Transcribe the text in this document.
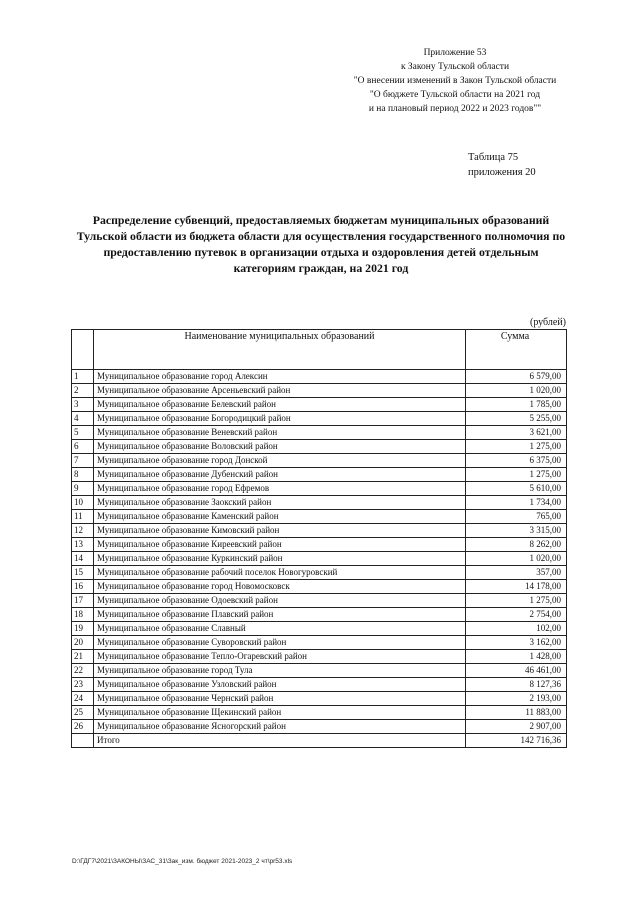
Приложение 53
к Закону Тульской области
"О внесении изменений в Закон Тульской области
"О бюджете Тульской области на 2021 год
и на плановый период 2022 и 2023 годов""
Таблица 75
приложения 20
Распределение субвенций, предоставляемых бюджетам муниципальных образований Тульской области из бюджета области для осуществления государственного полномочия по предоставлению путевок в организации отдыха и оздоровления детей отдельным категориям граждан, на 2021 год
(рублей)
	Наименование муниципальных образований	Сумма
1	Муниципальное образование город Алексин	6 579,00
2	Муниципальное образование Арсеньевский район	1 020,00
3	Муниципальное образование Белевский район	1 785,00
4	Муниципальное образование Богородицкий район	5 255,00
5	Муниципальное образование Веневский район	3 621,00
6	Муниципальное образование Воловский район	1 275,00
7	Муниципальное образование город Донской	6 375,00
8	Муниципальное образование Дубенский район	1 275,00
9	Муниципальное образование город Ефремов	5 610,00
10	Муниципальное образование Заокский район	1 734,00
11	Муниципальное образование Каменский район	765,00
12	Муниципальное образование Кимовский район	3 315,00
13	Муниципальное образование Киреевский район	8 262,00
14	Муниципальное образование Куркинский район	1 020,00
15	Муниципальное образование рабочий поселок Новогуровский	357,00
16	Муниципальное образование город Новомосковск	14 178,00
17	Муниципальное образование Одоевский район	1 275,00
18	Муниципальное образование Плавский район	2 754,00
19	Муниципальное образование Славный	102,00
20	Муниципальное образование Суворовский район	3 162,00
21	Муниципальное образование Тепло-Огаревский район	1 428,00
22	Муниципальное образование город Тула	46 461,00
23	Муниципальное образование Узловский район	8 127,36
24	Муниципальное образование Чернский район	2 193,00
25	Муниципальное образование Щекинский район	11 883,00
26	Муниципальное образование Ясногорский район	2 907,00
	Итого	142 716,36
D:\ГДГ7\2021\ЗАКОНЫ\ЗАС_31\Зак_изм. бюджет 2021-2023_2 чт\pr53.xls
